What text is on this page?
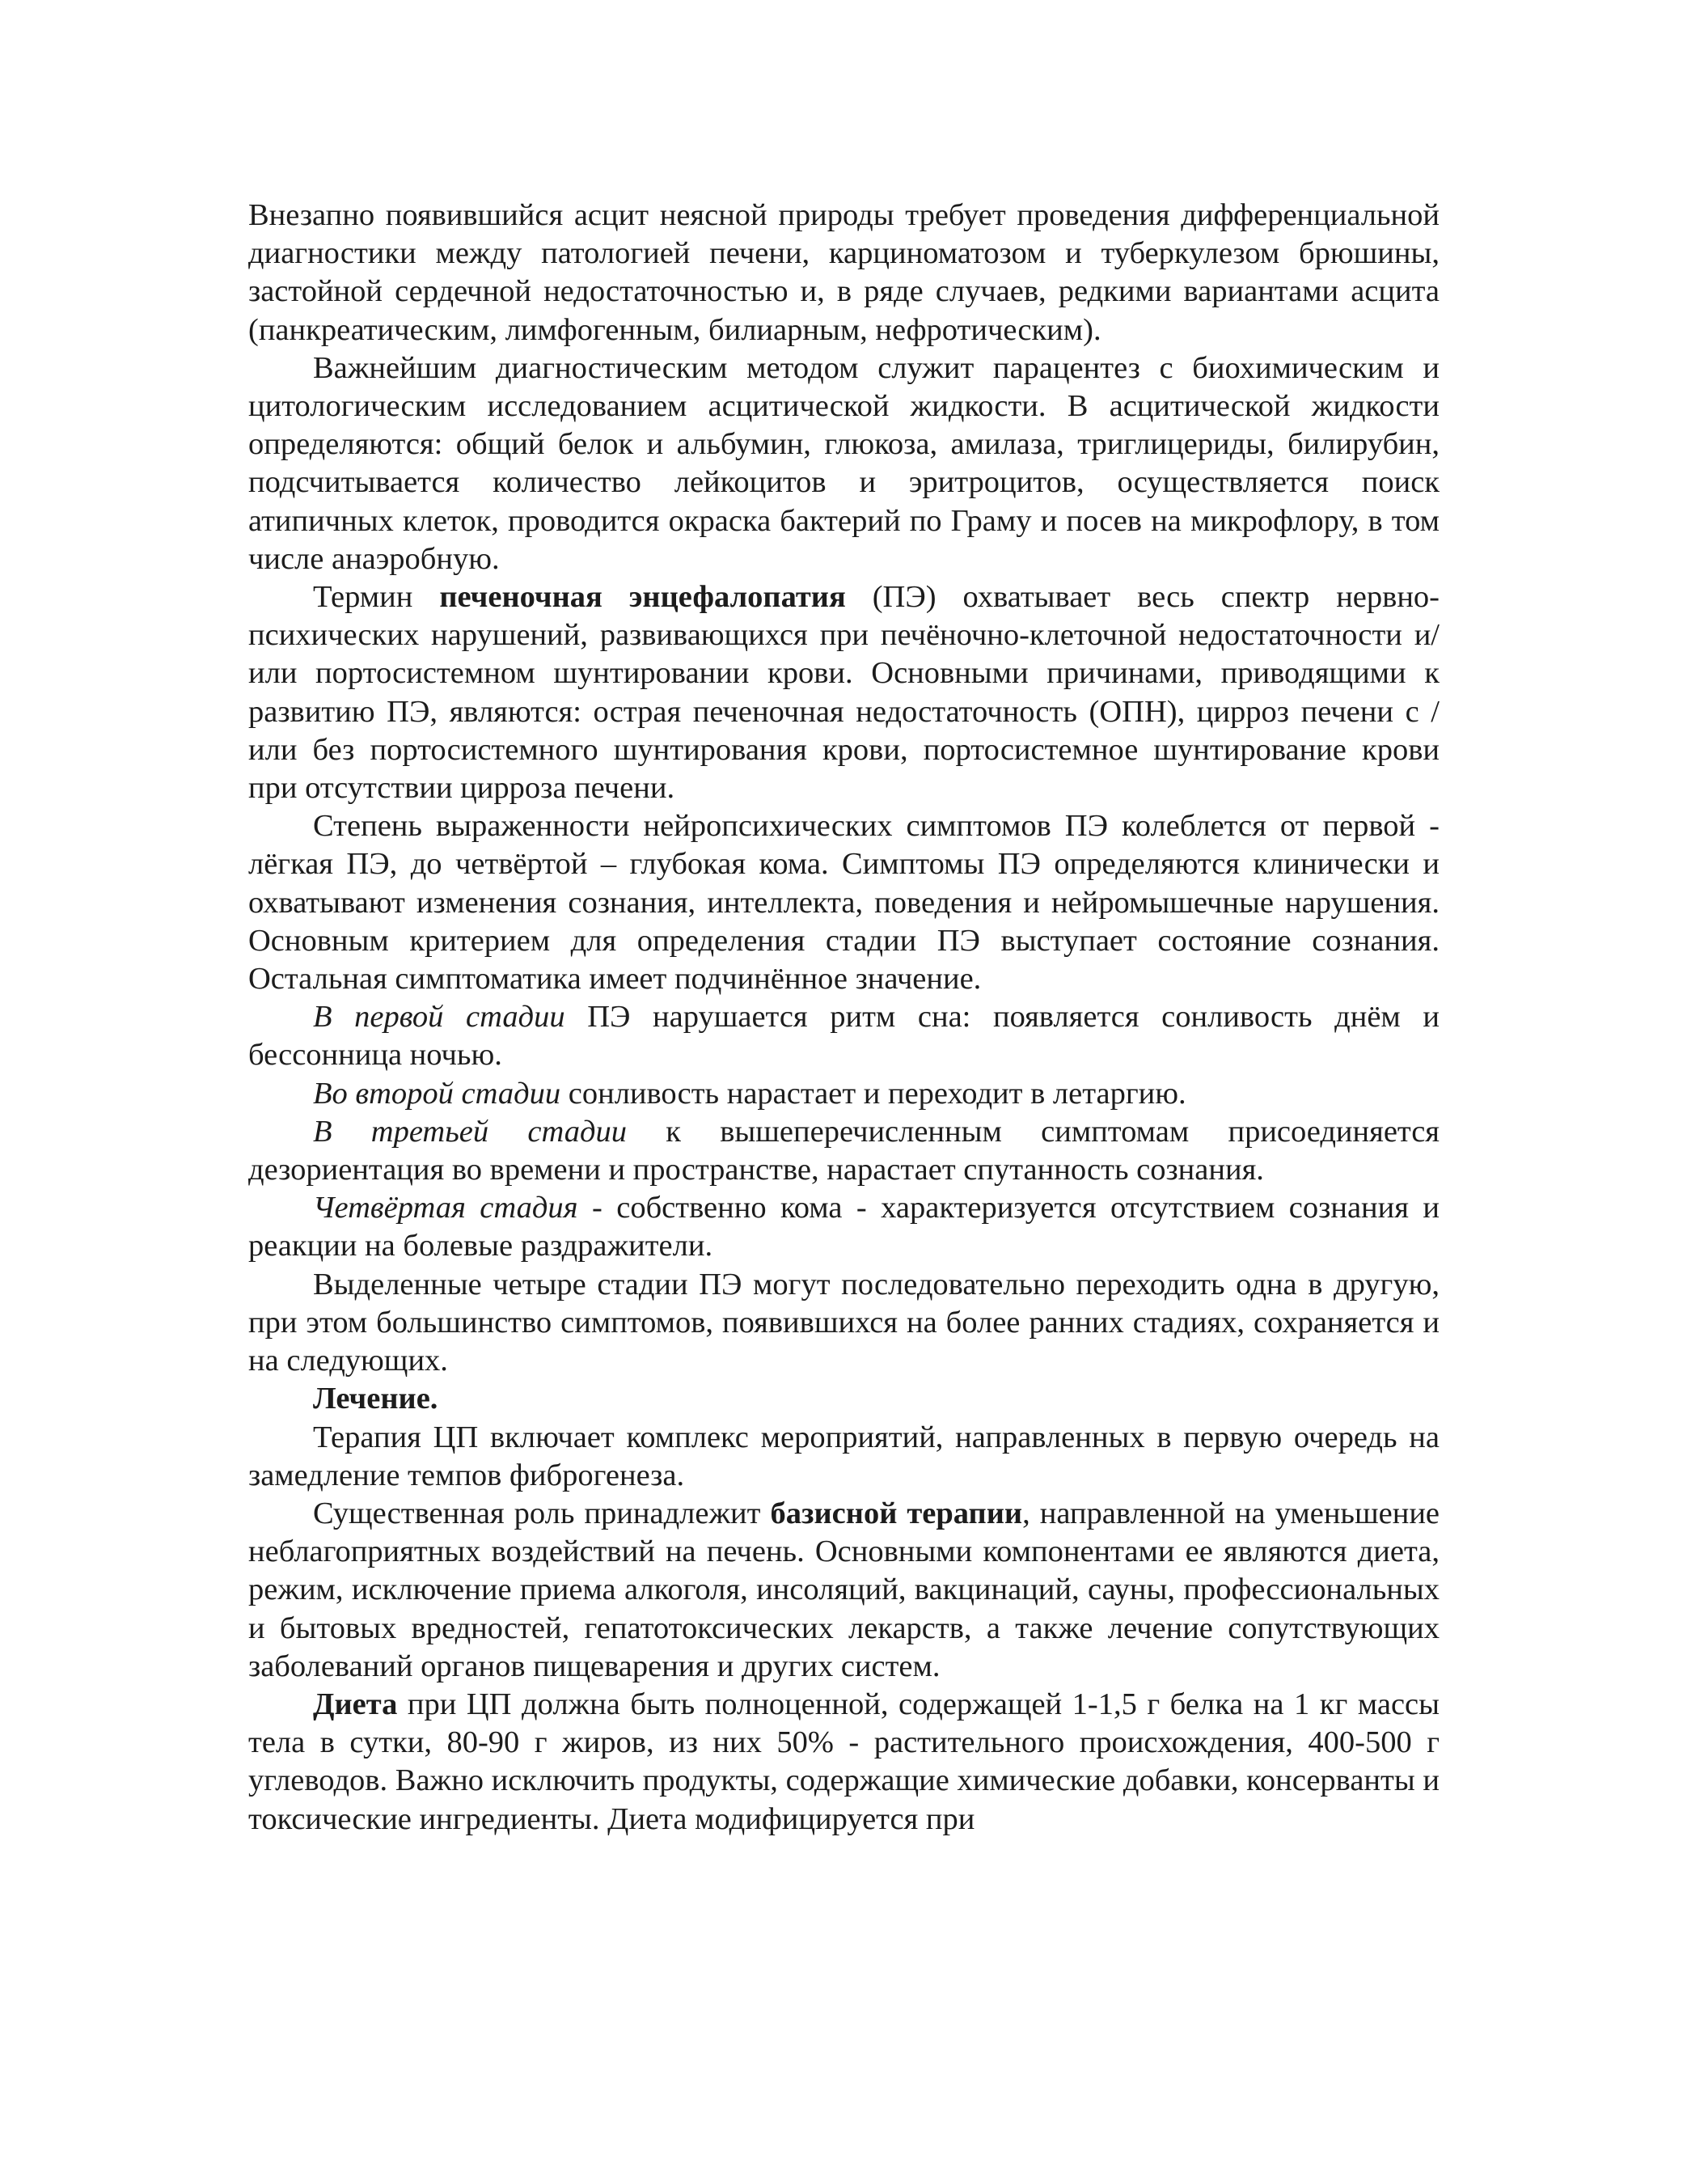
Внезапно появившийся асцит неясной природы требует проведения дифференциальной диагностики между патологией печени, карциноматозом и туберкулезом брюшины, застойной сердечной недостаточностью и, в ряде случаев, редкими вариантами асцита (панкреатическим, лимфогенным, билиарным, нефротическим).

Важнейшим диагностическим методом служит парацентез с биохимическим и цитологическим исследованием асцитической жидкости. В асцитической жидкости определяются: общий белок и альбумин, глюкоза, амилаза, триглицериды, билирубин, подсчитывается количество лейкоцитов и эритроцитов, осуществляется поиск атипичных клеток, проводится окраска бактерий по Граму и посев на микрофлору, в том числе анаэробную.

Термин печеночная энцефалопатия (ПЭ) охватывает весь спектр нервно-психических нарушений, развивающихся при печёночно-клеточной недостаточности и/или портосистемном шунтировании крови. Основными причинами, приводящими к развитию ПЭ, являются: острая печеночная недостаточность (ОПН), цирроз печени с / или без портосистемного шунтирования крови, портосистемное шунтирование крови при отсутствии цирроза печени.

Степень выраженности нейропсихических симптомов ПЭ колеблется от первой - лёгкая ПЭ, до четвёртой – глубокая кома. Симптомы ПЭ определяются клинически и охватывают изменения сознания, интеллекта, поведения и нейромышечные нарушения. Основным критерием для определения стадии ПЭ выступает состояние сознания. Остальная симптоматика имеет подчинённое значение.

В первой стадии ПЭ нарушается ритм сна: появляется сонливость днём и бессонница ночью.

Во второй стадии сонливость нарастает и переходит в летаргию.

В третьей стадии к вышеперечисленным симптомам присоединяется дезориентация во времени и пространстве, нарастает спутанность сознания.

Четвёртая стадия - собственно кома - характеризуется отсутствием сознания и реакции на болевые раздражители.

Выделенные четыре стадии ПЭ могут последовательно переходить одна в другую, при этом большинство симптомов, появившихся на более ранних стадиях, сохраняется и на следующих.

Лечение.

Терапия ЦП включает комплекс мероприятий, направленных в первую очередь на замедление темпов фиброгенеза.

Существенная роль принадлежит базисной терапии, направленной на уменьшение неблагоприятных воздействий на печень. Основными компонентами ее являются диета, режим, исключение приема алкоголя, инсоляций, вакцинаций, сауны, профессиональных и бытовых вредностей, гепатотоксических лекарств, а также лечение сопутствующих заболеваний органов пищеварения и других систем.

Диета при ЦП должна быть полноценной, содержащей 1-1,5 г белка на 1 кг массы тела в сутки, 80-90 г жиров, из них 50% - растительного происхождения, 400-500 г углеводов. Важно исключить продукты, содержащие химические добавки, консерванты и токсические ингредиенты. Диета модифицируется при
